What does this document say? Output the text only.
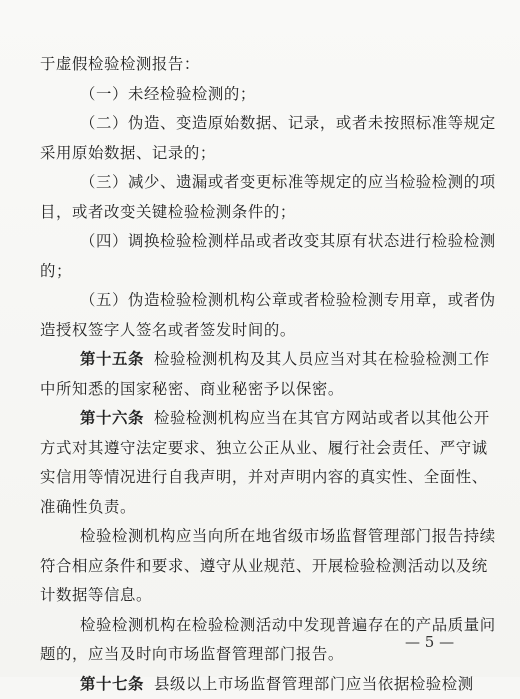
于虚假检验检测报告：

（一）未经检验检测的；

（二）伪造、变造原始数据、记录，或者未按照标准等规定采用原始数据、记录的；

（三）减少、遗漏或者变更标准等规定的应当检验检测的项目，或者改变关键检验检测条件的；

（四）调换检验检测样品或者改变其原有状态进行检验检测的；

（五）伪造检验检测机构公章或者检验检测专用章，或者伪造授权签字人签名或者签发时间的。

第十五条 检验检测机构及其人员应当对其在检验检测工作中所知悉的国家秘密、商业秘密予以保密。

第十六条 检验检测机构应当在其官方网站或者以其他公开方式对其遵守法定要求、独立公正从业、履行社会责任、严守诚实信用等情况进行自我声明，并对声明内容的真实性、全面性、准确性负责。

检验检测机构应当向所在地省级市场监督管理部门报告持续符合相应条件和要求、遵守从业规范、开展检验检测活动以及统计数据等信息。

检验检测机构在检验检测活动中发现普遍存在的产品质量问题的，应当及时向市场监督管理部门报告。

第十七条 县级以上市场监督管理部门应当依据检验检测

— 5 —
